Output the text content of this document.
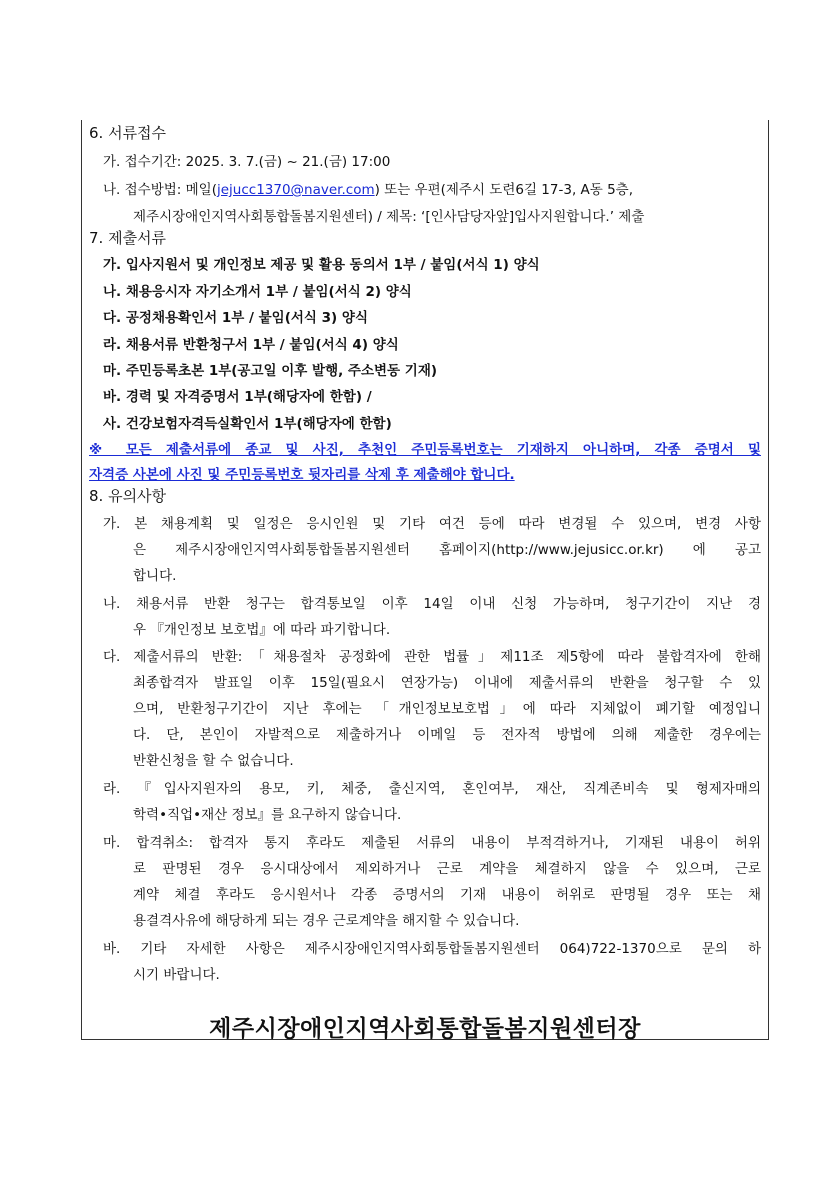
6. 서류접수
가. 접수기간: 2025. 3. 7.(금) ~ 21.(금) 17:00
나. 접수방법: 메일(jejucc1370@naver.com) 또는 우편(제주시 도련6길 17-3, A동 5층,
제주시장애인지역사회통합돌봄지원센터) / 제목: ‘[인사담당자앞]입사지원합니다.’ 제출
7. 제출서류
가. 입사지원서 및 개인정보 제공 및 활용 동의서 1부 / 붙임(서식 1) 양식
나. 채용응시자 자기소개서 1부 / 붙임(서식 2) 양식
다. 공정채용확인서 1부 / 붙임(서식 3) 양식
라. 채용서류 반환청구서 1부 / 붙임(서식 4) 양식
마. 주민등록초본 1부(공고일 이후 발행, 주소변동 기재)
바. 경력 및 자격증명서 1부(해당자에 한함) /
사. 건강보험자격득실확인서 1부(해당자에 한함)
※ 모든 제출서류에 종교 및 사진, 추천인 주민등록번호는 기재하지 아니하며, 각종 증명서 및
자격증 사본에 사진 및 주민등록번호 뒷자리를 삭제 후 제출해야 합니다.
8. 유의사항
가. 본 채용계획 및 일정은 응시인원 및 기타 여건 등에 따라 변경될 수 있으며, 변경 사항
은 제주시장애인지역사회통합돌봄지원센터 홈페이지(http://www.jejusicc.or.kr) 에 공고
합니다.
나. 채용서류 반환 청구는 합격통보일 이후 14일 이내 신청 가능하며, 청구기간이 지난 경
우 『개인정보 보호법』에 따라 파기합니다.
다. 제출서류의 반환:「채용절차 공정화에 관한 법률」제11조 제5항에 따라 불합격자에 한해
최종합격자 발표일 이후 15일(필요시 연장가능) 이내에 제출서류의 반환을 청구할 수 있
으며, 반환청구기간이 지난 후에는 「개인정보보호법」에 따라 지체없이 폐기할 예정입니
다. 단, 본인이 자발적으로 제출하거나 이메일 등 전자적 방법에 의해 제출한 경우에는
반환신청을 할 수 없습니다.
라. 『입사지원자의 용모, 키, 체중, 출신지역, 혼인여부, 재산, 직계존비속 및 형제자매의
학력•직업•재산 정보』를 요구하지 않습니다.
마. 합격취소: 합격자 통지 후라도 제출된 서류의 내용이 부적격하거나, 기재된 내용이 허위
로 판명된 경우 응시대상에서 제외하거나 근로 계약을 체결하지 않을 수 있으며, 근로
계약 체결 후라도 응시원서나 각종 증명서의 기재 내용이 허위로 판명될 경우 또는 채
용결격사유에 해당하게 되는 경우 근로계약을 해지할 수 있습니다.
바. 기타 자세한 사항은 제주시장애인지역사회통합돌봄지원센터 064)722-1370으로 문의 하
시기 바랍니다.
제주시장애인지역사회통합돌봄지원센터장
